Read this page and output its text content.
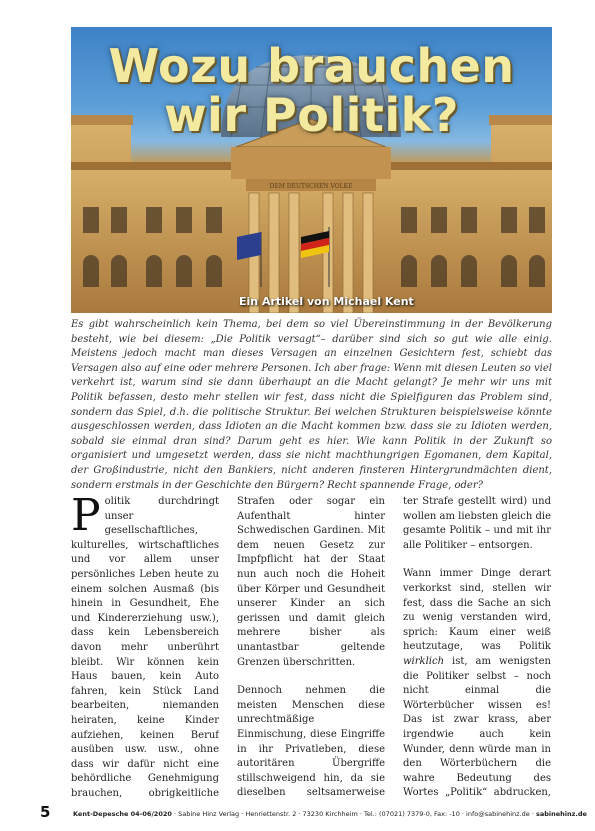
DEM DEUTSCHEN VOLKE
Wozu brauchen
wir Politik?
Ein Artikel von Michael Kent
Es gibt wahrscheinlich kein Thema, bei dem so viel Übereinstimmung in der Bevölkerung besteht, wie bei diesem: „Die Politik versagt“– darüber sind sich so gut wie alle einig. Meistens jedoch macht man dieses Versagen an einzelnen Gesichtern fest, schiebt das Versagen also auf eine oder mehrere Personen. Ich aber frage: Wenn mit diesen Leuten so viel verkehrt ist, warum sind sie dann überhaupt an die Macht gelangt? Je mehr wir uns mit Politik befassen, desto mehr stellen wir fest, dass nicht die Spielfiguren das Problem sind, sondern das Spiel, d.h. die politische Struktur. Bei welchen Strukturen beispielsweise könnte ausgeschlossen werden, dass Idioten an die Macht kommen bzw. dass sie zu Idioten werden, sobald sie einmal dran sind? Darum geht es hier. Wie kann Politik in der Zukunft so organisiert und umgesetzt werden, dass sie nicht machthungrigen Egomanen, dem Kapital, der Großindustrie, nicht den Bankiers, nicht anderen finsteren Hintergrundmächten dient, sondern erstmals in der Geschichte den Bürgern? Recht spannende Frage, oder?

Politik durchdringt unser gesellschaftliches, kulturelles, wirtschaftliches und vor allem unser persönliches Leben heute zu einem solchen Ausmaß (bis hinein in Gesundheit, Ehe und Kindererziehung usw.), dass kein Lebensbereich davon mehr unberührt bleibt. Wir können kein Haus bauen, kein Auto fahren, kein Stück Land bearbeiten, niemanden heiraten, keine Kinder aufziehen, keinen Beruf ausüben usw. usw., ohne dass wir dafür nicht eine behördliche Genehmigung brauchen, obrigkeitliche

Strafen oder sogar ein Aufenthalt hinter Schwedischen Gardinen. Mit dem neuen Gesetz zur Impfpflicht hat der Staat nun auch noch die Hoheit über Körper und Gesundheit unserer Kinder an sich gerissen und damit gleich mehrere bisher als unantastbar geltende Grenzen überschritten.

Dennoch nehmen die meisten Menschen diese unrechtmäßige Einmischung, diese Eingriffe in ihr Privatleben, diese autoritären Übergriffe stillschweigend hin, da sie dieselben seltsamerweise

ter Strafe gestellt wird) und wollen am liebsten gleich die gesamte Politik – und mit ihr alle Politiker – entsorgen.

Wann immer Dinge derart verkorkst sind, stellen wir fest, dass die Sache an sich zu wenig verstanden wird, sprich: Kaum einer weiß heutzutage, was Politik wirklich ist, am wenigsten die Politiker selbst – noch nicht einmal die Wörterbücher wissen es! Das ist zwar krass, aber irgendwie auch kein Wunder, denn würde man in den Wörterbüchern die wahre Bedeutung des Wortes „Politik“ abdrucken,

5	Kent-Depesche 04-06/2020 · Sabine Hinz Verlag · Henriettenstr. 2 · 73230 Kirchheim · Tel.: (07021) 7379-0, Fax: -10 · info@sabinehinz.de · sabinehinz.de
